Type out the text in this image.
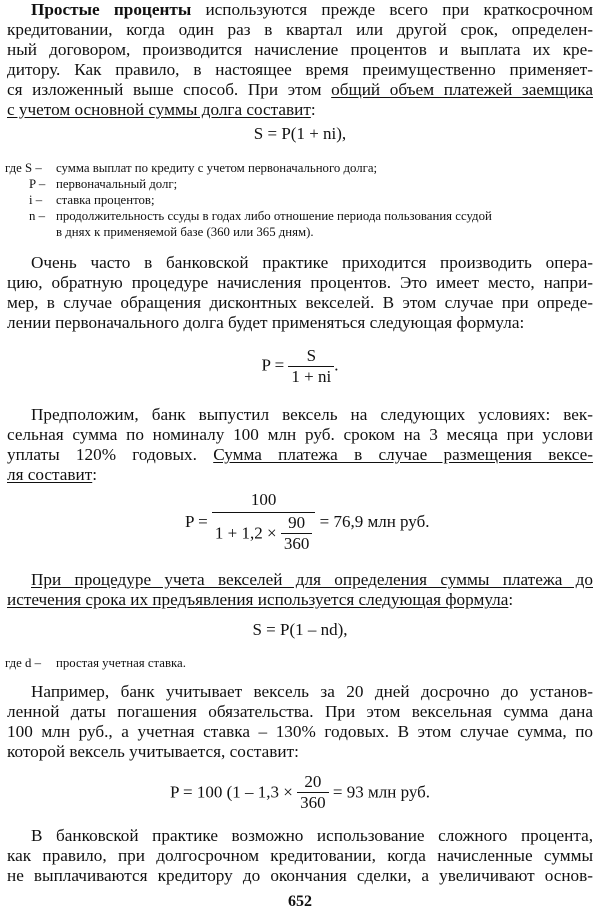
Простые проценты используются прежде всего при краткосрочном
кредитовании, когда один раз в квартал или другой срок, определен-
ный договором, производится начисление процентов и выплата их кре-
дитору. Как правило, в настоящее время преимущественно применяет-
ся изложенный выше способ. При этом общий объем платежей заемщика
с учетом основной суммы долга составит:
S = P(1 + ni),
где S – сумма выплат по кредиту с учетом первоначального долга;
P – первоначальный долг;
i – ставка процентов;
n – продолжительность ссуды в годах либо отношение периода пользования ссудой
в днях к применяемой базе (360 или 365 дням).
Очень часто в банковской практике приходится производить опера-
цию, обратную процедуре начисления процентов. Это имеет место, напри-
мер, в случае обращения дисконтных векселей. В этом случае при опреде-
лении первоначального долга будет применяться следующая формула:
$P = \frac{S}{1 + ni}$ .
Предположим, банк выпустил вексель на следующих условиях: век-
сельная сумма по номиналу 100 млн руб. сроком на 3 месяца при услови
уплаты 120% годовых. Сумма платежа в случае размещения вексе-
ля составит:
$P = \frac{100}{1 + 1,2 \times \frac{90}{360}} = 76,9$ млн руб.
При процедуре учета векселей для определения суммы платежа до
истечения срока их предъявления используется следующая формула:
S = P(1 – nd),
где d – простая учетная ставка.
Например, банк учитывает вексель за 20 дней досрочно до установ-
ленной даты погашения обязательства. При этом вексельная сумма дана
100 млн руб., а учетная ставка – 130% годовых. В этом случае сумма, по
которой вексель учитывается, составит:
P = 100 ($1 - 1,3 \times \frac{20}{360} = 93$ млн руб.
В банковской практике возможно использование сложного процента,
как правило, при долгосрочном кредитовании, когда начисленные суммы
не выплачиваются кредитору до окончания сделки, а увеличивают основ-
652
